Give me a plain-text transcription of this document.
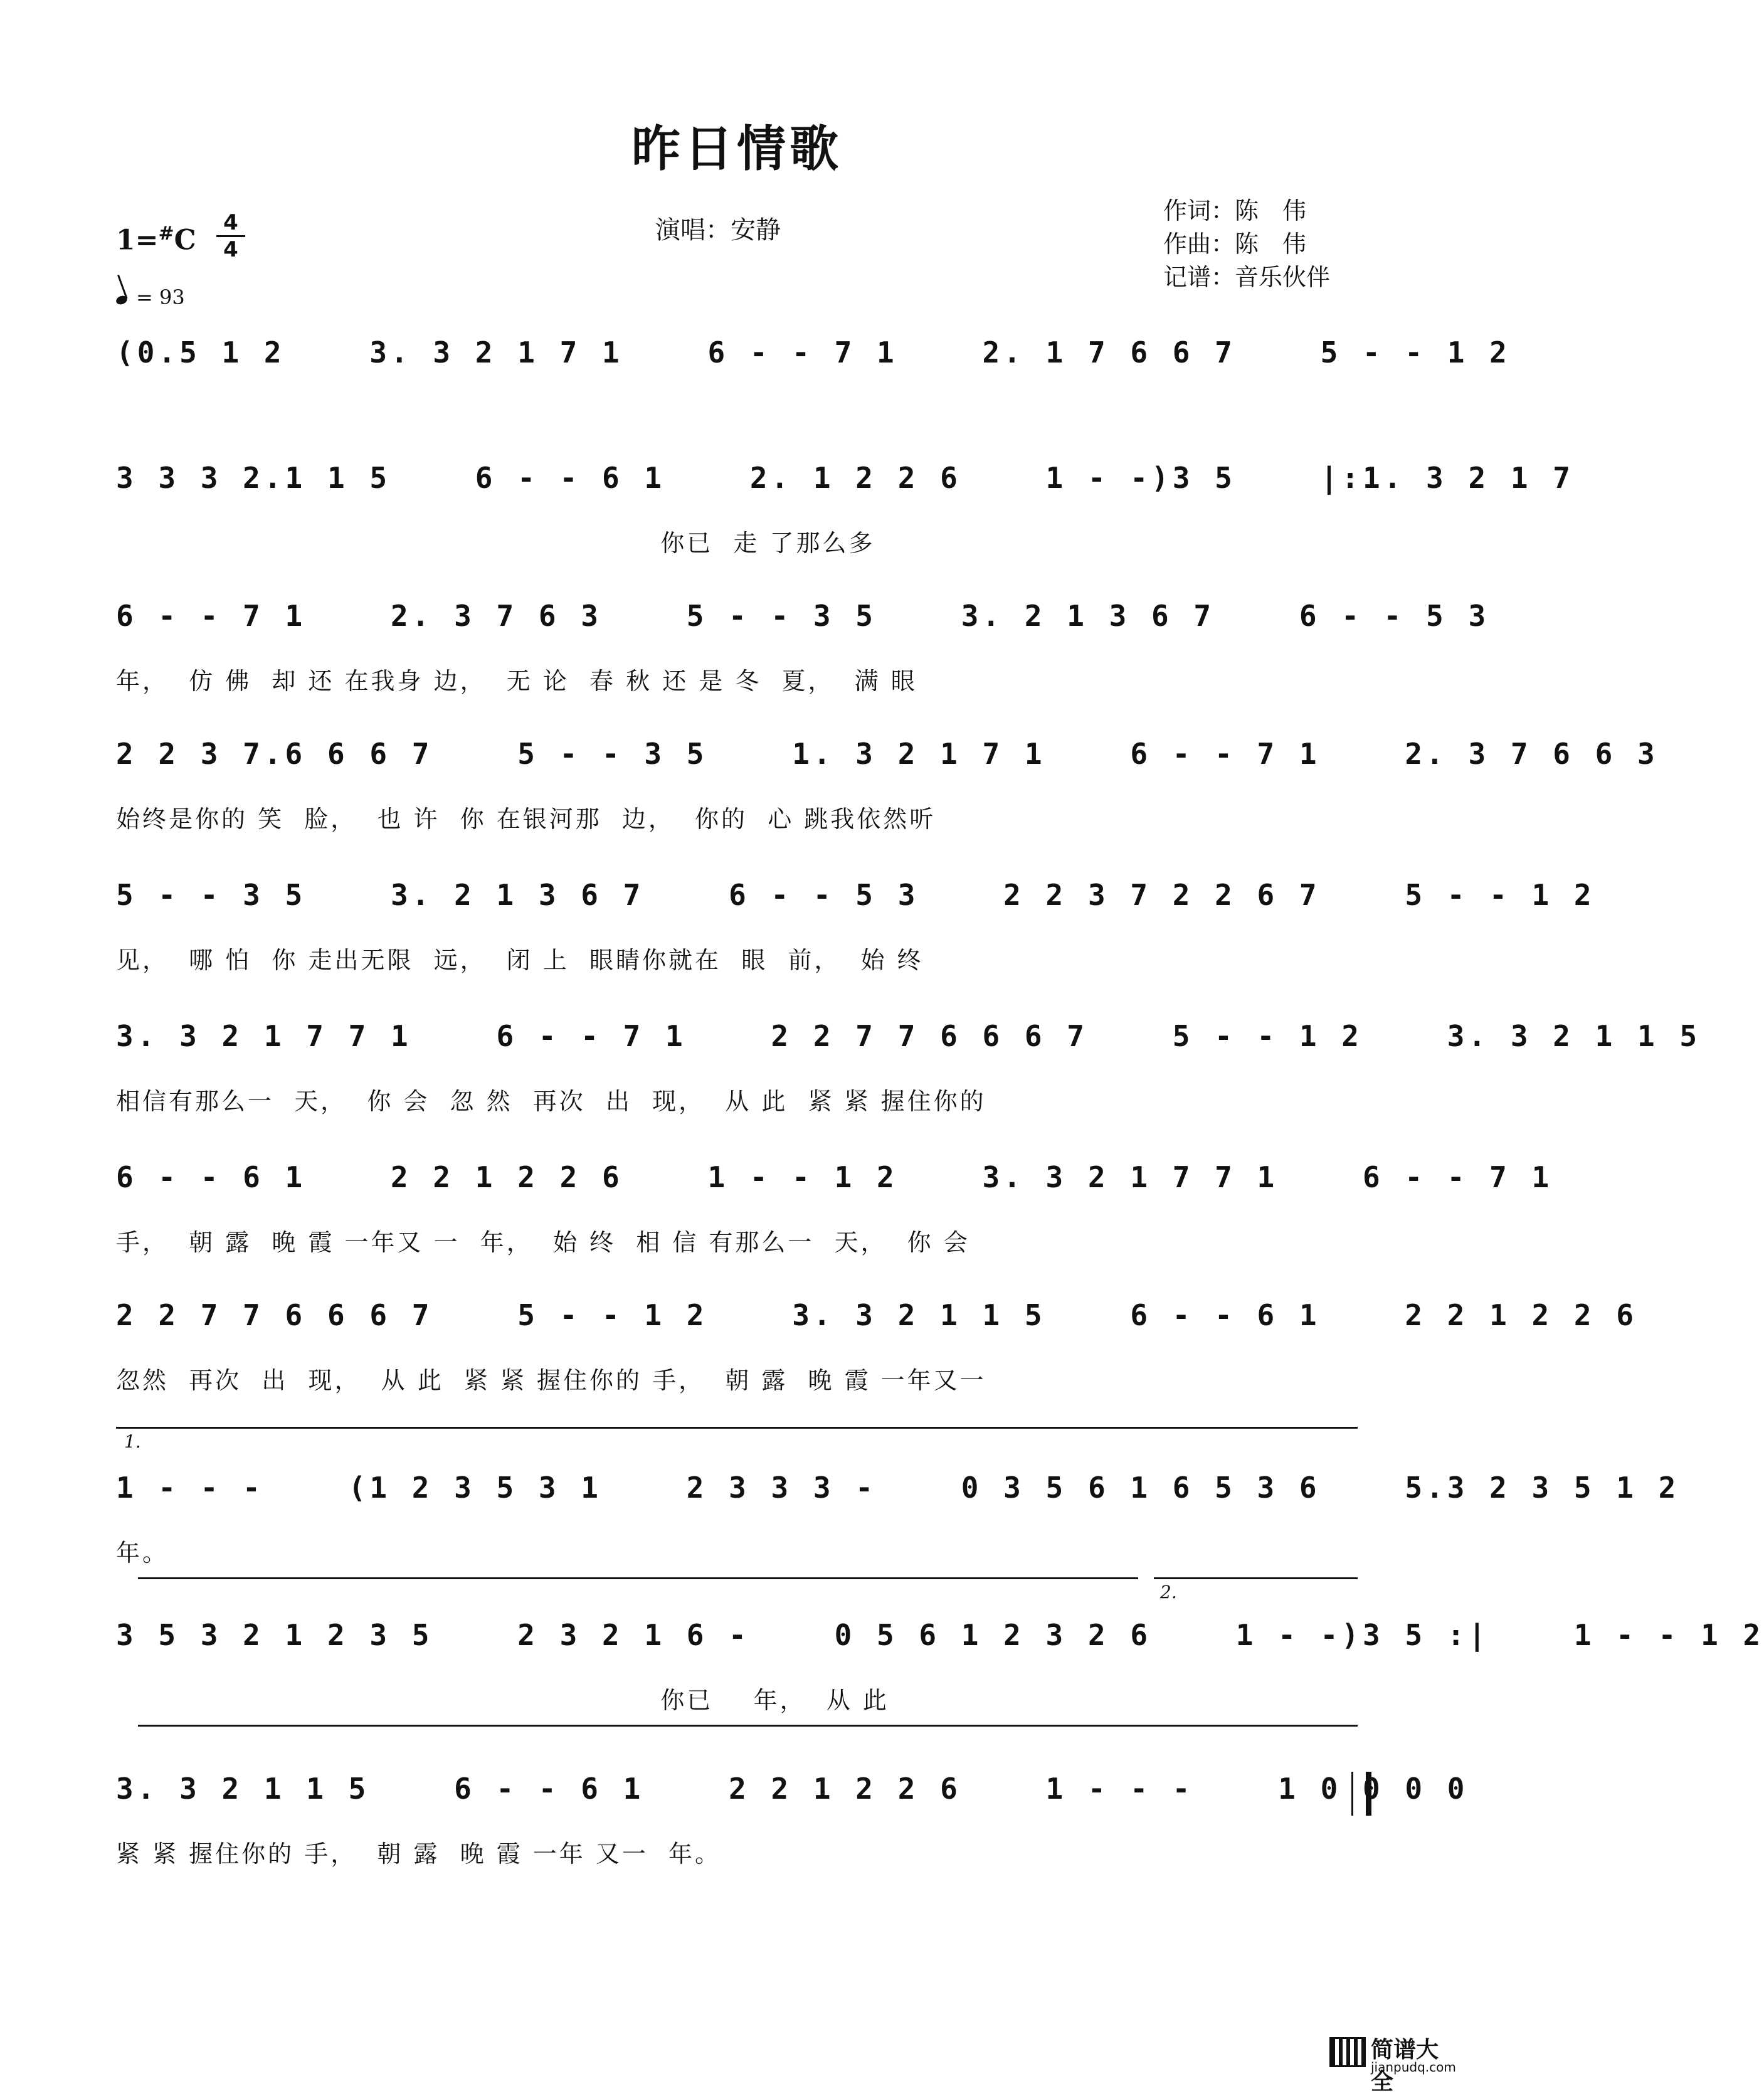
昨日情歌
1=#C
4
4
= 93
演唱：安静
作词：陈　伟
作曲：陈　伟
记谱：音乐伙伴
(0.5 1 2    3. 3 2 1 7 1    6 - - 7 1    2. 1 7 6 6 7    5 - - 1 2
3 3 3 2.1 1 5    6 - - 6 1    2. 1 2 2 6    1 - -)3 5    |:1. 3 2 1 7
你已  走 了那么多
6 - - 7 1    2. 3 7 6 3    5 - - 3 5    3. 2 1 3 6 7    6 - - 5 3
年，  仿 佛  却 还 在我身 边，  无 论  春 秋 还 是 冬  夏，  满 眼
2 2 3 7.6 6 6 7    5 - - 3 5    1. 3 2 1 7 1    6 - - 7 1    2. 3 7 6 6 3
始终是你的 笑  脸，  也 许  你 在银河那  边，  你的  心 跳我依然听
5 - - 3 5    3. 2 1 3 6 7    6 - - 5 3    2 2 3 7 2 2 6 7    5 - - 1 2
见，  哪 怕  你 走出无限  远，  闭 上  眼睛你就在  眼  前，  始 终
3. 3 2 1 7 7 1    6 - - 7 1    2 2 7 7 6 6 6 7    5 - - 1 2    3. 3 2 1 1 5
相信有那么一  天，  你 会  忽 然  再次  出  现，  从 此  紧 紧 握住你的
6 - - 6 1    2 2 1 2 2 6    1 - - 1 2    3. 3 2 1 7 7 1    6 - - 7 1
手，  朝 露  晚 霞 一年又 一  年，  始 终  相 信 有那么一  天，  你 会
2 2 7 7 6 6 6 7    5 - - 1 2    3. 3 2 1 1 5    6 - - 6 1    2 2 1 2 2 6
忽然  再次  出  现，  从 此  紧 紧 握住你的 手，  朝 露  晚 霞 一年又一
1.
1 - - -    (1 2 3 5 3 1    2 3 3 3 -    0 3 5 6 1 6 5 3 6    5.3 2 3 5 1 2
年。
2.
3 5 3 2 1 2 3 5    2 3 2 1 6 -    0 5 6 1 2 3 2 6    1 - -)3 5 :|    1 - - 1 2
你已    年，  从 此
3. 3 2 1 1 5    6 - - 6 1    2 2 1 2 2 6    1 - - -    1 0 0 0 0
紧 紧 握住你的 手，  朝 露  晚 霞 一年 又一  年。
简谱大全
jianpudq.com
